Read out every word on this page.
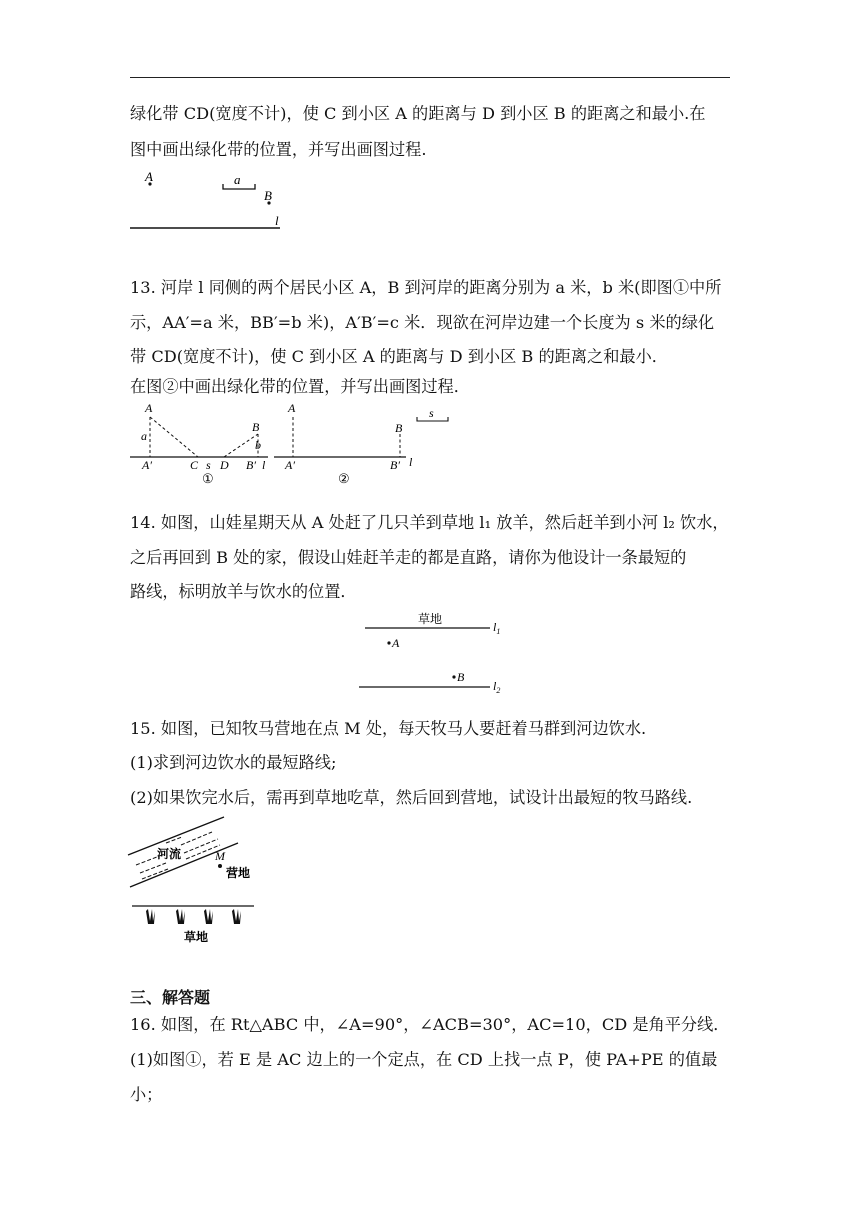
绿化带 CD(宽度不计)，使 C 到小区 A 的距离与 D 到小区 B 的距离之和最小.在
图中画出绿化带的位置，并写出画图过程.
A	a
B
l
13. 河岸 l 同侧的两个居民小区 A，B 到河岸的距离分别为 a 米，b 米(即图①中所
示，AA′=a 米，BB′=b 米)，A′B′=c 米．现欲在河岸边建一个长度为 s 米的绿化
带 CD(宽度不计)，使 C 到小区 A 的距离与 D 到小区 B 的距离之和最小．
在图②中画出绿化带的位置，并写出画图过程．
A
a
A′	C s D B′ l
B
b
①
A
A′
B
B′ l
s
②
14. 如图，山娃星期天从 A 处赶了几只羊到草地 l₁ 放羊，然后赶羊到小河 l₂ 饮水，
之后再回到 B 处的家，假设山娃赶羊走的都是直路，请你为他设计一条最短的
路线，标明放羊与饮水的位置．
草地
$l_1$
A
B
$l_2$
15. 如图，已知牧马营地在点 M 处，每天牧马人要赶着马群到河边饮水.
(1)求到河边饮水的最短路线;
(2)如果饮完水后，需再到草地吃草，然后回到营地，试设计出最短的牧马路线.
河流	M
营地
草地
三、解答题
16. 如图，在 Rt△ABC 中，∠A=90°，∠ACB=30°，AC=10，CD 是角平分线．
(1)如图①，若 E 是 AC 边上的一个定点，在 CD 上找一点 P，使 PA+PE 的值最
小；
